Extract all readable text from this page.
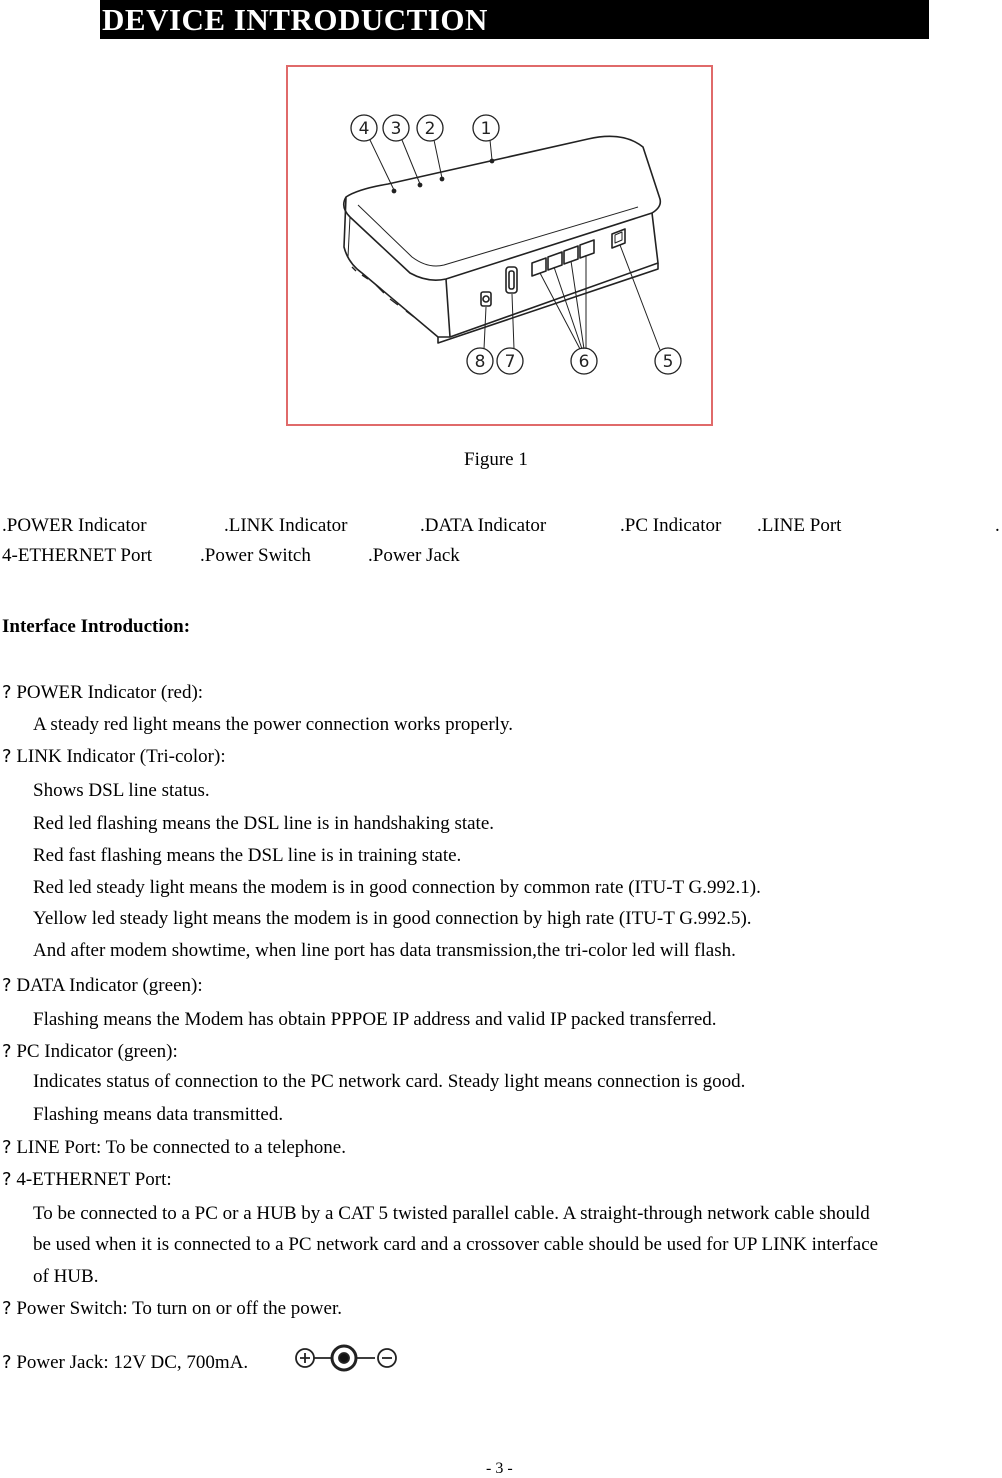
DEVICE INTRODUCTION
4 3 2	1
8 7	6	5
Figure 1
.POWER Indicator	.LINK Indicator	.DATA Indicator	.PC Indicator .LINE Port	.
4-ETHERNET Port	.Power Switch	.Power Jack
Interface Introduction:
? POWER Indicator (red):
A steady red light means the power connection works properly.
? LINK Indicator (Tri-color):
Shows DSL line status.
Red led flashing means the DSL line is in handshaking state.
Red fast flashing means the DSL line is in training state.
Red led steady light means the modem is in good connection by common rate (ITU-T G.992.1).
Yellow led steady light means the modem is in good connection by high rate (ITU-T G.992.5).
And after modem showtime, when line port has data transmission,the tri-color led will flash.
? DATA Indicator (green):
Flashing means the Modem has obtain PPPOE IP address and valid IP packed transferred.
? PC Indicator (green):
Indicates status of connection to the PC network card. Steady light means connection is good.
Flashing means data transmitted.
? LINE Port: To be connected to a telephone.
? 4-ETHERNET Port:
To be connected to a PC or a HUB by a CAT 5 twisted parallel cable. A straight-through network cable should
be used when it is connected to a PC network card and a crossover cable should be used for UP LINK interface
of HUB.
? Power Switch: To turn on or off the power.
? Power Jack: 12V DC, 700mA.
- 3 -
